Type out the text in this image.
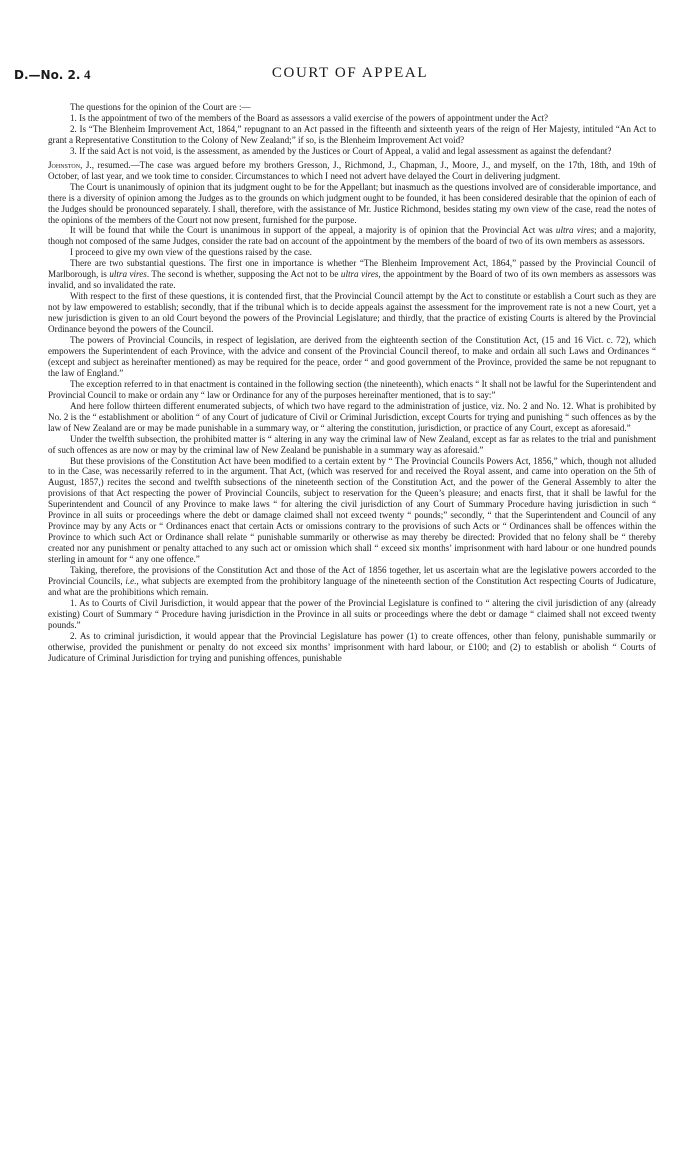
D.—No. 2. 4	COURT OF APPEAL

The questions for the opinion of the Court are :—

1. Is the appointment of two of the members of the Board as assessors a valid exercise of the powers of appointment under the Act?

2. Is “The Blenheim Improvement Act, 1864,” repugnant to an Act passed in the fifteenth and sixteenth years of the reign of Her Majesty, intituled “An Act to grant a Representative Constitution to the Colony of New Zealand;” if so, is the Blenheim Improvement Act void?

3. If the said Act is not void, is the assessment, as amended by the Justices or Court of Appeal, a valid and legal assessment as against the defendant?

Johnston, J., resumed.—The case was argued before my brothers Gresson, J., Richmond, J., Chapman, J., Moore, J., and myself, on the 17th, 18th, and 19th of October, of last year, and we took time to consider. Circumstances to which I need not advert have delayed the Court in delivering judgment.

The Court is unanimously of opinion that its judgment ought to be for the Appellant; but inasmuch as the questions involved are of considerable importance, and there is a diversity of opinion among the Judges as to the grounds on which judgment ought to be founded, it has been considered desirable that the opinion of each of the Judges should be pronounced separately. I shall, therefore, with the assistance of Mr. Justice Richmond, besides stating my own view of the case, read the notes of the opinions of the members of the Court not now present, furnished for the purpose.

It will be found that while the Court is unanimous in support of the appeal, a majority is of opinion that the Provincial Act was ultra vires; and a majority, though not composed of the same Judges, consider the rate bad on account of the appointment by the members of the board of two of its own members as assessors.

I proceed to give my own view of the questions raised by the case.

There are two substantial questions. The first one in importance is whether “The Blenheim Improvement Act, 1864,” passed by the Provincial Council of Marlborough, is ultra vires. The second is whether, supposing the Act not to be ultra vires, the appointment by the Board of two of its own members as assessors was invalid, and so invalidated the rate.

With respect to the first of these questions, it is contended first, that the Provincial Council attempt by the Act to constitute or establish a Court such as they are not by law empowered to establish; secondly, that if the tribunal which is to decide appeals against the assessment for the improvement rate is not a new Court, yet a new jurisdiction is given to an old Court beyond the powers of the Provincial Legislature; and thirdly, that the practice of existing Courts is altered by the Provincial Ordinance beyond the powers of the Council.

The powers of Provincial Councils, in respect of legislation, are derived from the eighteenth section of the Constitution Act, (15 and 16 Vict. c. 72), which empowers the Superintendent of each Province, with the advice and consent of the Provincial Council thereof, to make and ordain all such Laws and Ordinances “ (except and subject as hereinafter mentioned) as may be required for the peace, order “ and good government of the Province, provided the same be not repugnant to the law of England.”

The exception referred to in that enactment is contained in the following section (the nineteenth), which enacts “ It shall not be lawful for the Superintendent and Provincial Council to make or ordain any “ law or Ordinance for any of the purposes hereinafter mentioned, that is to say:”

And here follow thirteen different enumerated subjects, of which two have regard to the administration of justice, viz. No. 2 and No. 12. What is prohibited by No. 2 is the “ establishment or abolition “ of any Court of judicature of Civil or Criminal Jurisdiction, except Courts for trying and punishing “ such offences as by the law of New Zealand are or may be made punishable in a summary way, or “ altering the constitution, jurisdiction, or practice of any Court, except as aforesaid.”

Under the twelfth subsection, the prohibited matter is “ altering in any way the criminal law of New Zealand, except as far as relates to the trial and punishment of such offences as are now or may by the criminal law of New Zealand be punishable in a summary way as aforesaid.”

But these provisions of the Constitution Act have been modified to a certain extent by “ The Provincial Councils Powers Act, 1856,” which, though not alluded to in the Case, was necessarily referred to in the argument. That Act, (which was reserved for and received the Royal assent, and came into operation on the 5th of August, 1857,) recites the second and twelfth subsections of the nineteenth section of the Constitution Act, and the power of the General Assembly to alter the provisions of that Act respecting the power of Provincial Councils, subject to reservation for the Queen’s pleasure; and enacts first, that it shall be lawful for the Superintendent and Council of any Province to make laws “ for altering the civil jurisdiction of any Court of Summary Procedure having jurisdiction in such “ Province in all suits or proceedings where the debt or damage claimed shall not exceed twenty “ pounds;” secondly, “ that the Superintendent and Council of any Province may by any Acts or “ Ordinances enact that certain Acts or omissions contrary to the provisions of such Acts or “ Ordinances shall be offences within the Province to which such Act or Ordinance shall relate “ punishable summarily or otherwise as may thereby be directed: Provided that no felony shall be “ thereby created nor any punishment or penalty attached to any such act or omission which shall “ exceed six months’ imprisonment with hard labour or one hundred pounds sterling in amount for “ any one offence.”

Taking, therefore, the provisions of the Constitution Act and those of the Act of 1856 together, let us ascertain what are the legislative powers accorded to the Provincial Councils, i.e., what subjects are exempted from the prohibitory language of the nineteenth section of the Constitution Act respecting Courts of Judicature, and what are the prohibitions which remain.

1. As to Courts of Civil Jurisdiction, it would appear that the power of the Provincial Legislature is confined to “ altering the civil jurisdiction of any (already existing) Court of Summary “ Procedure having jurisdiction in the Province in all suits or proceedings where the debt or damage “ claimed shall not exceed twenty pounds.”

2. As to criminal jurisdiction, it would appear that the Provincial Legislature has power (1) to create offences, other than felony, punishable summarily or otherwise, provided the punishment or penalty do not exceed six months’ imprisonment with hard labour, or £100; and (2) to establish or abolish “ Courts of Judicature of Criminal Jurisdiction for trying and punishing offences, punishable
